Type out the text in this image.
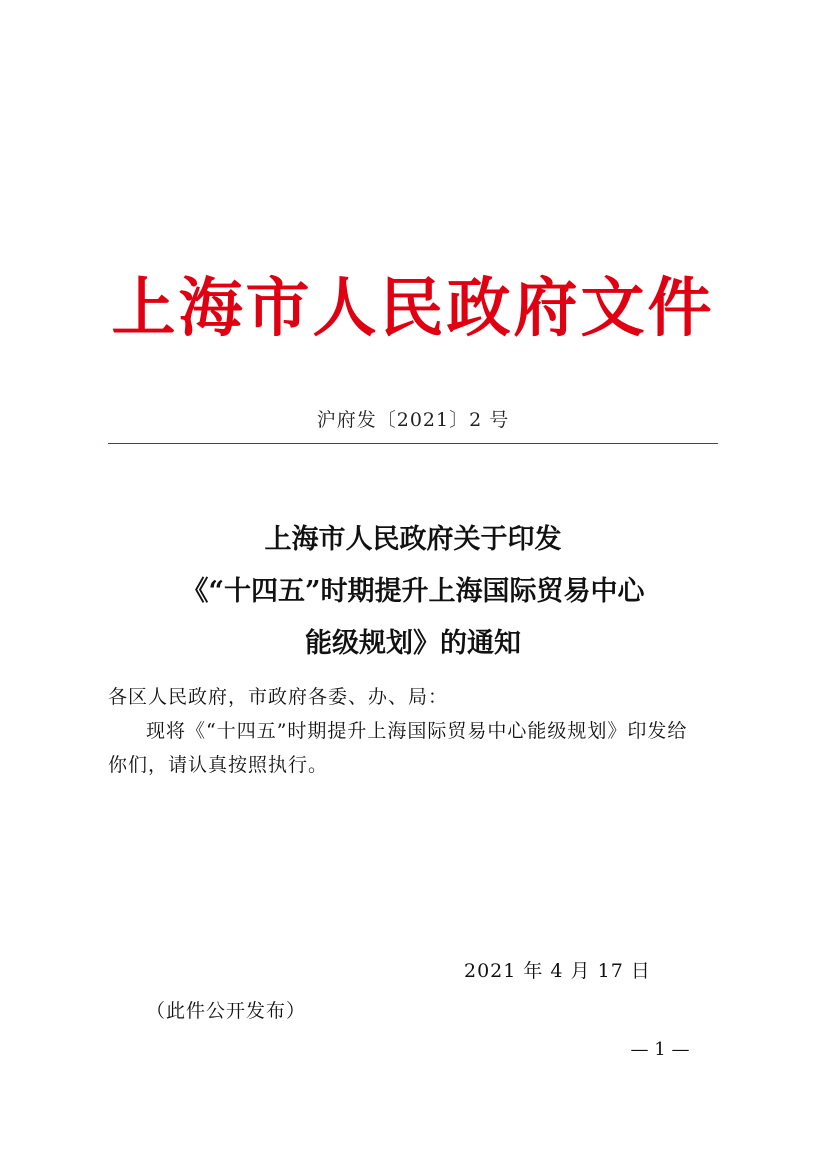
上海市人民政府文件
沪府发〔2021〕2 号
上海市人民政府关于印发
《“十四五”时期提升上海国际贸易中心
能级规划》的通知
各区人民政府，市政府各委、办、局：
现将《“十四五”时期提升上海国际贸易中心能级规划》印发给
你们，请认真按照执行。
2021 年 4 月 17 日
（此件公开发布）
— 1 —
